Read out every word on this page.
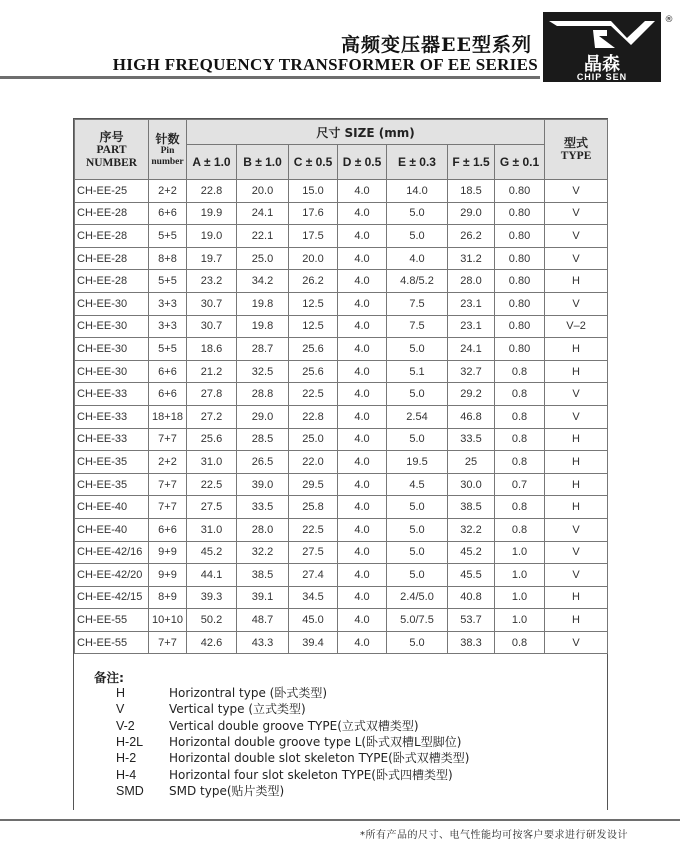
高频变压器EE型系列
HIGH FREQUENCY TRANSFORMER OF EE SERIES	晶森
CHIP SEN
®
序号
PART
NUMBER	针数
Pin
number	尺寸 SIZE (mm)							型式
TYPE

		A ± 1.0	B ± 1.0	C ± 0.5	D ± 0.5	E ± 0.3	F ± 1.5	G ± 0.1	
CH-EE-25	2+2	22.8	20.0	15.0	4.0	14.0	18.5	0.80	V
CH-EE-28	6+6	19.9	24.1	17.6	4.0	5.0	29.0	0.80	V
CH-EE-28	5+5	19.0	22.1	17.5	4.0	5.0	26.2	0.80	V
CH-EE-28	8+8	19.7	25.0	20.0	4.0	4.0	31.2	0.80	V
CH-EE-28	5+5	23.2	34.2	26.2	4.0	4.8/5.2	28.0	0.80	H
CH-EE-30	3+3	30.7	19.8	12.5	4.0	7.5	23.1	0.80	V
CH-EE-30	3+3	30.7	19.8	12.5	4.0	7.5	23.1	0.80	V–2
CH-EE-30	5+5	18.6	28.7	25.6	4.0	5.0	24.1	0.80	H
CH-EE-30	6+6	21.2	32.5	25.6	4.0	5.1	32.7	0.8	H
CH-EE-33	6+6	27.8	28.8	22.5	4.0	5.0	29.2	0.8	V
CH-EE-33	18+18	27.2	29.0	22.8	4.0	2.54	46.8	0.8	V
CH-EE-33	7+7	25.6	28.5	25.0	4.0	5.0	33.5	0.8	H
CH-EE-35	2+2	31.0	26.5	22.0	4.0	19.5	25	0.8	H
CH-EE-35	7+7	22.5	39.0	29.5	4.0	4.5	30.0	0.7	H
CH-EE-40	7+7	27.5	33.5	25.8	4.0	5.0	38.5	0.8	H
CH-EE-40	6+6	31.0	28.0	22.5	4.0	5.0	32.2	0.8	V
CH-EE-42/16	9+9	45.2	32.2	27.5	4.0	5.0	45.2	1.0	V
CH-EE-42/20	9+9	44.1	38.5	27.4	4.0	5.0	45.5	1.0	V
CH-EE-42/15	8+9	39.3	39.1	34.5	4.0	2.4/5.0	40.8	1.0	H
CH-EE-55	10+10	50.2	48.7	45.0	4.0	5.0/7.5	53.7	1.0	H
CH-EE-55	7+7	42.6	43.3	39.4	4.0	5.0	38.3	0.8	V

备注:

H	Horizontral type (卧式类型)
V	Vertical type (立式类型)
V-2	Vertical double groove TYPE(立式双槽类型)
H-2L	Horizontal double groove type L(卧式双槽L型脚位)
H-2	Horizontal double slot skeleton TYPE(卧式双槽类型)
H-4	Horizontal four slot skeleton TYPE(卧式四槽类型)
SMD	SMD type(贴片类型)

*所有产品的尺寸、电气性能均可按客户要求进行研发设计
